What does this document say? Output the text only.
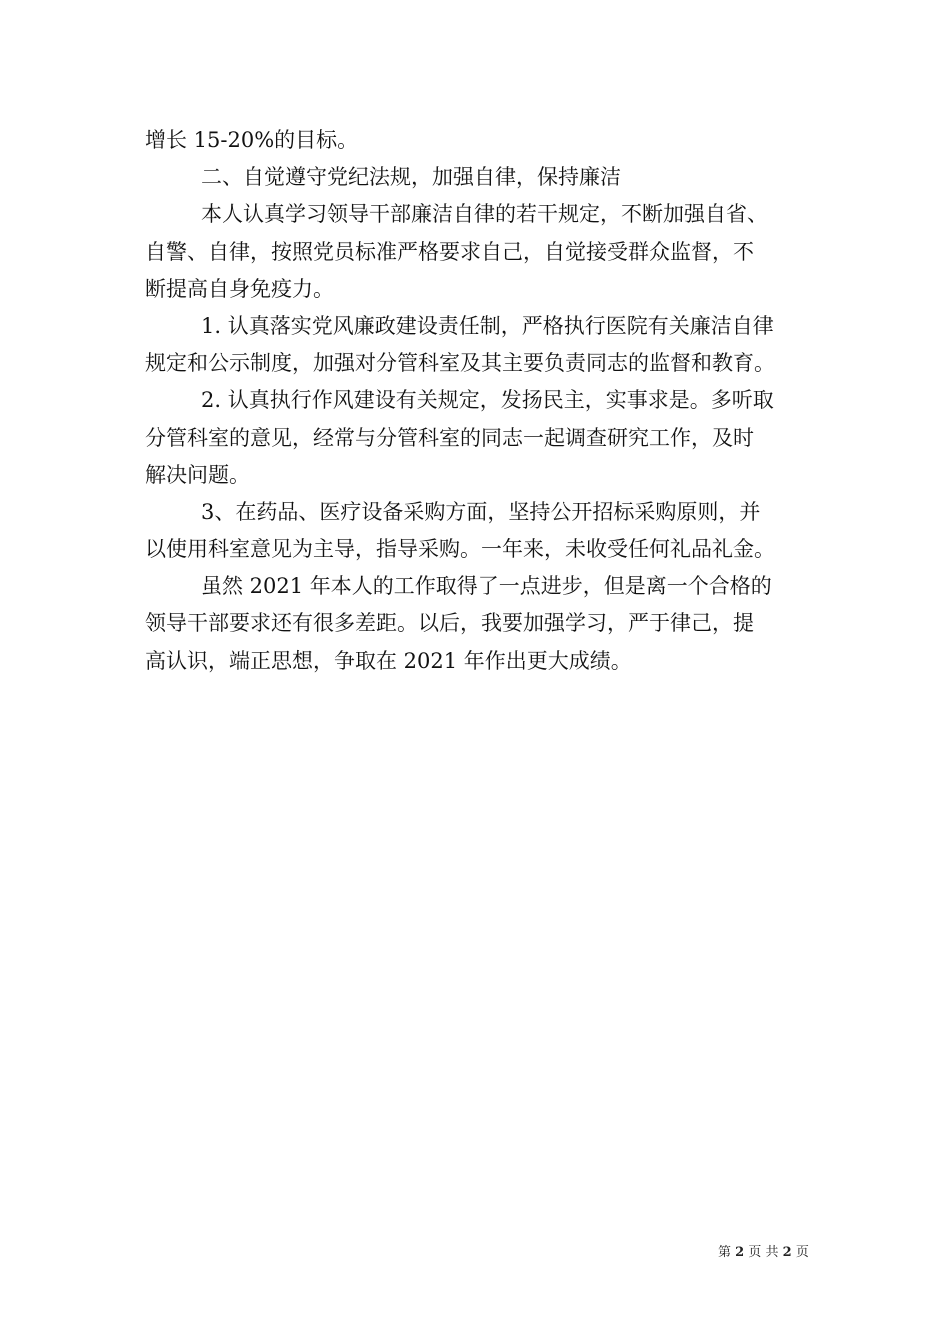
增长 15-20%的目标。
二、自觉遵守党纪法规，加强自律，保持廉洁
本人认真学习领导干部廉洁自律的若干规定，不断加强自省、
自警、自律，按照党员标准严格要求自己，自觉接受群众监督，不
断提高自身免疫力。
1. 认真落实党风廉政建设责任制，严格执行医院有关廉洁自律
规定和公示制度，加强对分管科室及其主要负责同志的监督和教育。
2. 认真执行作风建设有关规定，发扬民主，实事求是。多听取
分管科室的意见，经常与分管科室的同志一起调查研究工作，及时
解决问题。
3、在药品、医疗设备采购方面，坚持公开招标采购原则，并
以使用科室意见为主导，指导采购。一年来，未收受任何礼品礼金。
虽然 2021 年本人的工作取得了一点进步，但是离一个合格的
领导干部要求还有很多差距。以后，我要加强学习，严于律己，提
高认识，端正思想，争取在 2021 年作出更大成绩。
第 2 页 共 2 页
